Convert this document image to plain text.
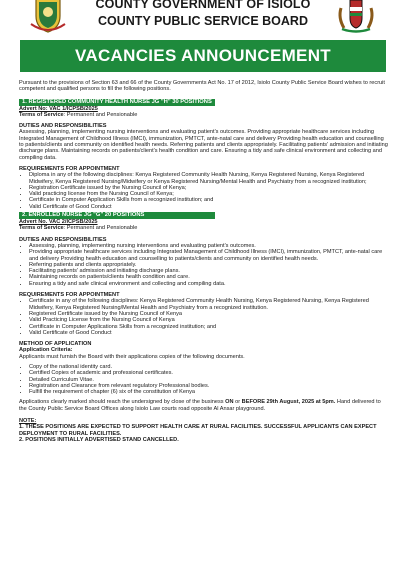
COUNTY GOVERNMENT OF ISIOLO
COUNTY PUBLIC SERVICE BOARD
VACANCIES ANNOUNCEMENT

Pursuant to the provisions of Section 63 and 66 of the County Governments Act No. 17 of 2012, Isiolo County Public Service Board wishes to recruit competent and qualified persons to fill the following positions.

1. REGISTERED COMMUNITY HEALTH NURSE JG "H" 30 POSITIONS

Advert No: VAC 1/ICPSB/2025

Terms of Service: Permanent and Pensionable

DUTIES AND RESPONSIBILITIES

Assessing, planning, implementing nursing interventions and evaluating patient's outcomes. Providing appropriate healthcare services including Integrated Management of Childhood Illness (IMCI), immunization, PMTCT, ante-natal care and delivery Providing health education and counselling to patients/clients and community on identified health needs. Referring patients and clients appropriately. Facilitating patients' admission and initiating discharge plans. Maintaining records on patients/client's health condition and care. Ensuring a tidy and safe clinical environment and collecting and compiling data.

REQUIREMENTS FOR APPOINTMENT

• Diploma in any of the following disciplines: Kenya Registered Community Health Nursing, Kenya Registered Nursing, Kenya Registered Midwifery, Kenya Registered Nursing/Midwifery or Kenya Registered Nursing/Mental Health and Psychiatry from a recognized institution;
• Registration Certificate issued by the Nursing Council of Kenya;
• Valid practicing license from the Nursing Council of Kenya;
• Certificate in Computer Application Skills from a recognized institution; and
• Valid Certificate of Good Conduct
2. ENROLLED NURSE JG "G" 20 POSITIONS

Advert No. VAC 2/ICPSB/2025

Terms of Service: Permanent and Pensionable

DUTIES AND RESPONSIBILITIES

• Assessing, planning, implementing nursing interventions and evaluating patient's outcomes.
• Providing appropriate healthcare services including Integrated Management of Childhood Illness (IMCI), immunization, PMTCT, ante-natal care and delivery Providing health education and counselling to patients/clients and community on identified health needs.
• Referring patients and clients appropriately.
• Facilitating patients' admission and initiating discharge plans.
• Maintaining records on patients/clients health condition and care.
• Ensuring a tidy and safe clinical environment and collecting and compiling data.

REQUIREMENTS FOR APPOINTMENT

• Certificate in any of the following disciplines: Kenya Registered Community Health Nursing, Kenya Registered Nursing, Kenya Registered Midwifery, Kenya Registered Nursing/Mental Health and Psychiatry from a recognized institution.
• Registered Certificate issued by the Nursing Council of Kenya
• Valid Practicing License from the Nursing Council of Kenya
• Certificate in Computer Applications Skills from a recognized institution; and
• Valid Certificate of Good Conduct

METHOD OF APPLICATION

Application Criteria:

Applicants must furnish the Board with their applications copies of the following documents.

• Copy of the national identity card.
• Certified Copies of academic and professional certificates.
• Detailed Curriculum Vitae.
• Registration and Clearance from relevant regulatory Professional bodies.
• Fulfill the requirement of chapter (6) six of the constitution of Kenya

Applications clearly marked should reach the undersigned by close of the business ON or BEFORE 29th August, 2025 at 5pm. Hand delivered to the County Public Service Board Offices along Isiolo Law courts road opposite Al Ansar playground.

NOTE:

1. THESE POSITIONS ARE EXPECTED TO SUPPORT HEALTH CARE AT RURAL FACILITIES. SUCCESSFUL APPLICANTS CAN EXPECT DEPLOYMENT TO RURAL FACILITIES.

2. POSITIONS INITIALLY ADVERTISED STAND CANCELLED.
